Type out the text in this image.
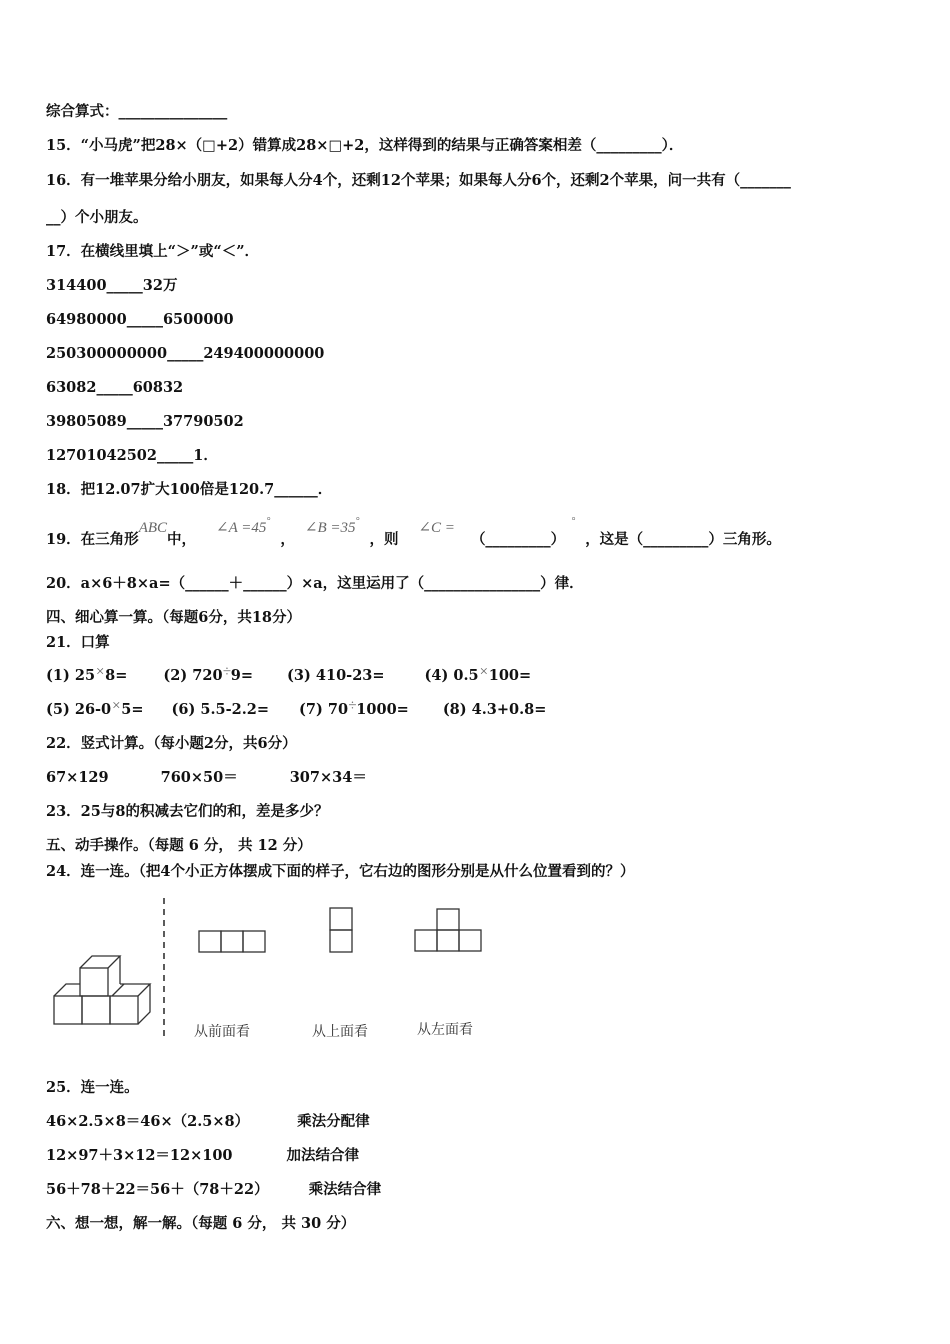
综合算式：_______________
15．“小马虎”把28×（□+2）错算成28×□+2，这样得到的结果与正确答案相差（_________）．
16．有一堆苹果分给小朋友，如果每人分4个，还剩12个苹果；如果每人分6个，还剩2个苹果，问一共有（_______
__）个小朋友。
17．在横线里填上“＞”或“＜”．
314400_____32万
64980000_____6500000
250300000000_____249400000000
63082_____60832
39805089_____37790502
12701042502_____1．
18．把12.07扩大100倍是120.7______．
19．在三角形ABC中，∠A =45°，∠B =35°，则∠C =（_________）°，这是（_________）三角形。
20．a×6＋8×a=（______＋______）×a，这里运用了（________________）律．
四、细心算一算。（每题6分，共18分）
21．口算
(1) 25×8= (2) 720÷9= (3) 410-23=	(4) 0.5×100=
(5) 26-0×5= (6) 5.5-2.2= (7) 70÷1000= (8) 4.3+0.8=
22．竖式计算。（每小题2分，共6分）
67×129	760×50＝	307×34＝
23．25与8的积减去它们的和，差是多少？
五、动手操作。（每题 6 分， 共 12 分）
24．连一连。（把4个小正方体摆成下面的样子，它右边的图形分别是从什么位置看到的？）
从前面看	从上面看	从左面看
25．连一连。
46×2.5×8＝46×（2.5×8）	乘法分配律
12×97＋3×12＝12×100	加法结合律
56＋78＋22＝56＋（78＋22）	乘法结合律
六、想一想，解一解。（每题 6 分， 共 30 分）
